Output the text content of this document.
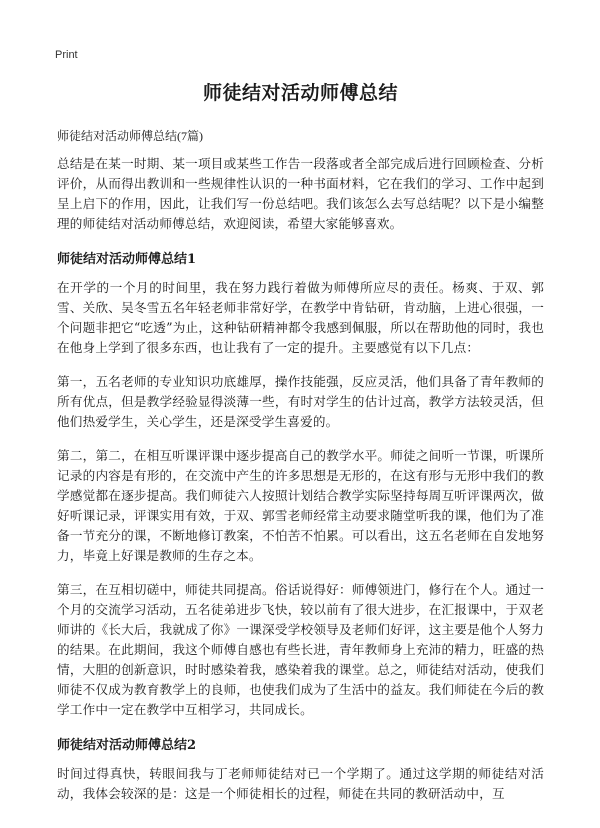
Print
师徒结对活动师傅总结
师徒结对活动师傅总结(7篇)

总结是在某一时期、某一项目或某些工作告一段落或者全部完成后进行回顾检查、分析评价，从而得出教训和一些规律性认识的一种书面材料，它在我们的学习、工作中起到呈上启下的作用，因此，让我们写一份总结吧。我们该怎么去写总结呢？以下是小编整理的师徒结对活动师傅总结，欢迎阅读，希望大家能够喜欢。

师徒结对活动师傅总结1

在开学的一个月的时间里，我在努力践行着做为师傅所应尽的责任。杨爽、于双、郭雪、关欣、吴冬雪五名年轻老师非常好学，在教学中肯钻研，肯动脑，上进心很强，一个问题非把它“吃透”为止，这种钻研精神都令我感到佩服，所以在帮助他的同时，我也在他身上学到了很多东西，也让我有了一定的提升。主要感觉有以下几点：

第一，五名老师的专业知识功底雄厚，操作技能强，反应灵活，他们具备了青年教师的所有优点，但是教学经验显得淡薄一些，有时对学生的估计过高，教学方法较灵活，但他们热爱学生，关心学生，还是深受学生喜爱的。

第二，第二，在相互听课评课中逐步提高自己的教学水平。师徒之间听一节课，听课所记录的内容是有形的，在交流中产生的许多思想是无形的，在这有形与无形中我们的教学感觉都在逐步提高。我们师徒六人按照计划结合教学实际坚持每周互听评课两次，做好听课记录，评课实用有效，于双、郭雪老师经常主动要求随堂听我的课，他们为了准备一节充分的课，不断地修订教案，不怕苦不怕累。可以看出，这五名老师在自发地努力，毕竟上好课是教师的生存之本。

第三，在互相切磋中，师徒共同提高。俗话说得好：师傅领进门，修行在个人。通过一个月的交流学习活动，五名徒弟进步飞快，较以前有了很大进步，在汇报课中，于双老师讲的《长大后，我就成了你》一课深受学校领导及老师们好评，这主要是他个人努力的结果。在此期间，我这个师傅自感也有些长进，青年教师身上充沛的精力，旺盛的热情，大胆的创新意识，时时感染着我，感染着我的课堂。总之，师徒结对活动，使我们师徒不仅成为教育教学上的良师，也使我们成为了生活中的益友。我们师徒在今后的教学工作中一定在教学中互相学习，共同成长。

师徒结对活动师傅总结2

时间过得真快，转眼间我与丁老师师徒结对已一个学期了。通过这学期的师徒结对活动，我体会较深的是：这是一个师徒相长的过程，师徒在共同的教研活动中，互
